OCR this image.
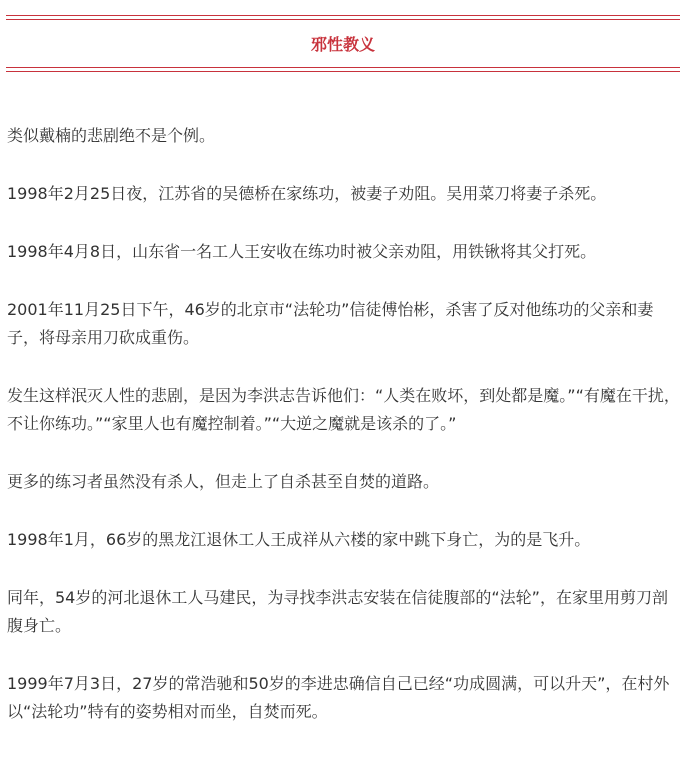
邪性教义

类似戴楠的悲剧绝不是个例。

1998年2月25日夜，江苏省的吴德桥在家练功，被妻子劝阻。吴用菜刀将妻子杀死。

1998年4月8日，山东省一名工人王安收在练功时被父亲劝阻，用铁锹将其父打死。

2001年11月25日下午，46岁的北京市“法轮功”信徒傅怡彬，杀害了反对他练功的父亲和妻子，将母亲用刀砍成重伤。

发生这样泯灭人性的悲剧，是因为李洪志告诉他们：“人类在败坏，到处都是魔。”“有魔在干扰，不让你练功。”“家里人也有魔控制着。”“大逆之魔就是该杀的了。”

更多的练习者虽然没有杀人，但走上了自杀甚至自焚的道路。

1998年1月，66岁的黑龙江退休工人王成祥从六楼的家中跳下身亡，为的是飞升。

同年，54岁的河北退休工人马建民，为寻找李洪志安装在信徒腹部的“法轮”，在家里用剪刀剖腹身亡。

1999年7月3日，27岁的常浩驰和50岁的李进忠确信自己已经“功成圆满，可以升天”，在村外以“法轮功”特有的姿势相对而坐，自焚而死。
